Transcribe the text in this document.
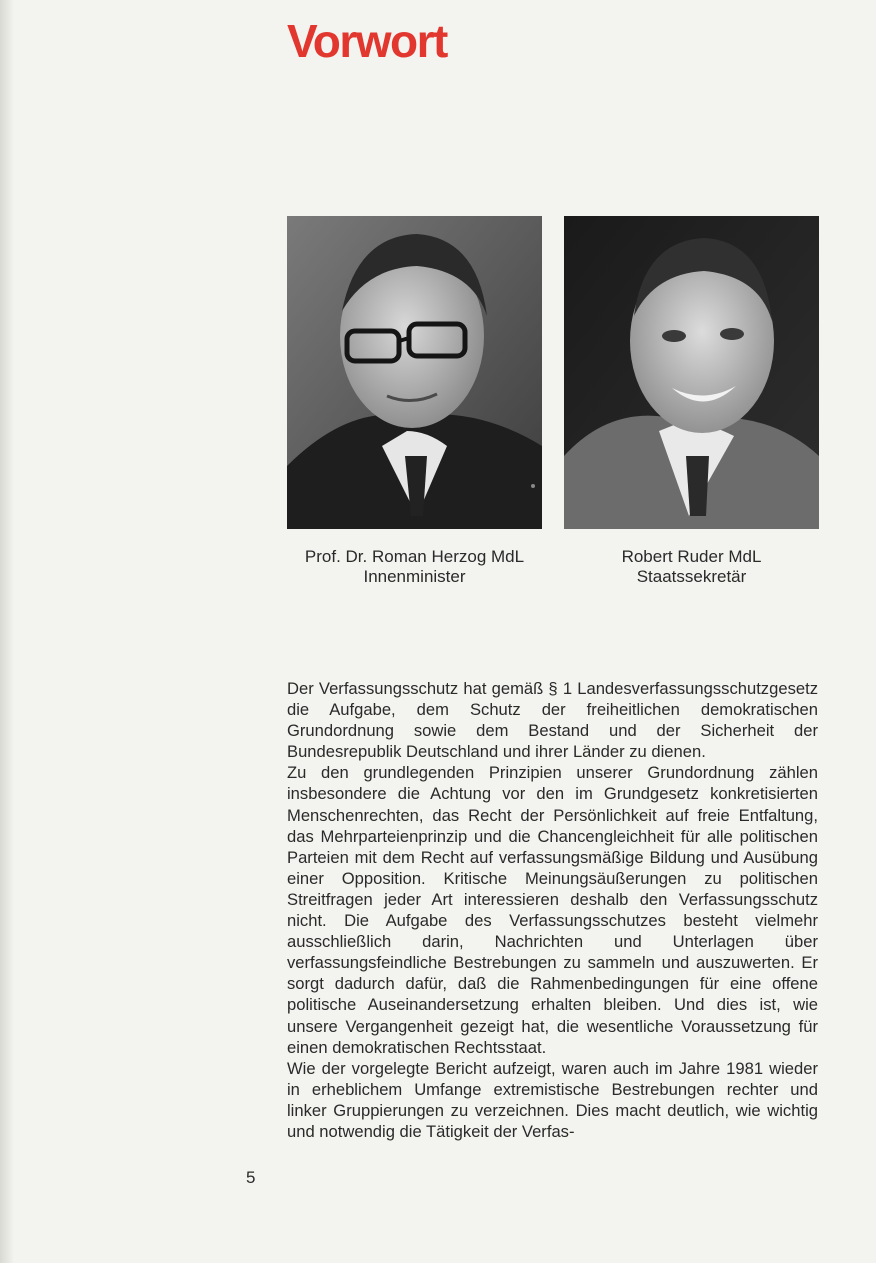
Vorwort
Prof. Dr. Roman Herzog MdL
Innenminister
Robert Ruder MdL
Staatssekretär

Der Verfassungsschutz hat gemäß § 1 Landesverfassungsschutzgesetz die Aufgabe, dem Schutz der freiheitlichen demokratischen Grundordnung sowie dem Bestand und der Sicherheit der Bundesrepublik Deutschland und ihrer Länder zu dienen.

Zu den grundlegenden Prinzipien unserer Grundordnung zählen insbesondere die Achtung vor den im Grundgesetz konkretisierten Menschenrechten, das Recht der Persönlichkeit auf freie Entfaltung, das Mehrparteienprinzip und die Chancengleichheit für alle politischen Parteien mit dem Recht auf verfassungsmäßige Bildung und Ausübung einer Opposition. Kritische Meinungsäußerungen zu politischen Streitfragen jeder Art interessieren deshalb den Verfassungsschutz nicht. Die Aufgabe des Verfassungsschutzes besteht vielmehr ausschließlich darin, Nachrichten und Unterlagen über verfassungsfeindliche Bestrebungen zu sammeln und auszuwerten. Er sorgt dadurch dafür, daß die Rahmenbedingungen für eine offene politische Auseinandersetzung erhalten bleiben. Und dies ist, wie unsere Vergangenheit gezeigt hat, die wesentliche Voraussetzung für einen demokratischen Rechtsstaat.

Wie der vorgelegte Bericht aufzeigt, waren auch im Jahre 1981 wieder in erheblichem Umfange extremistische Bestrebungen rechter und linker Gruppierungen zu verzeichnen. Dies macht deutlich, wie wichtig und notwendig die Tätigkeit der Verfas-

5
